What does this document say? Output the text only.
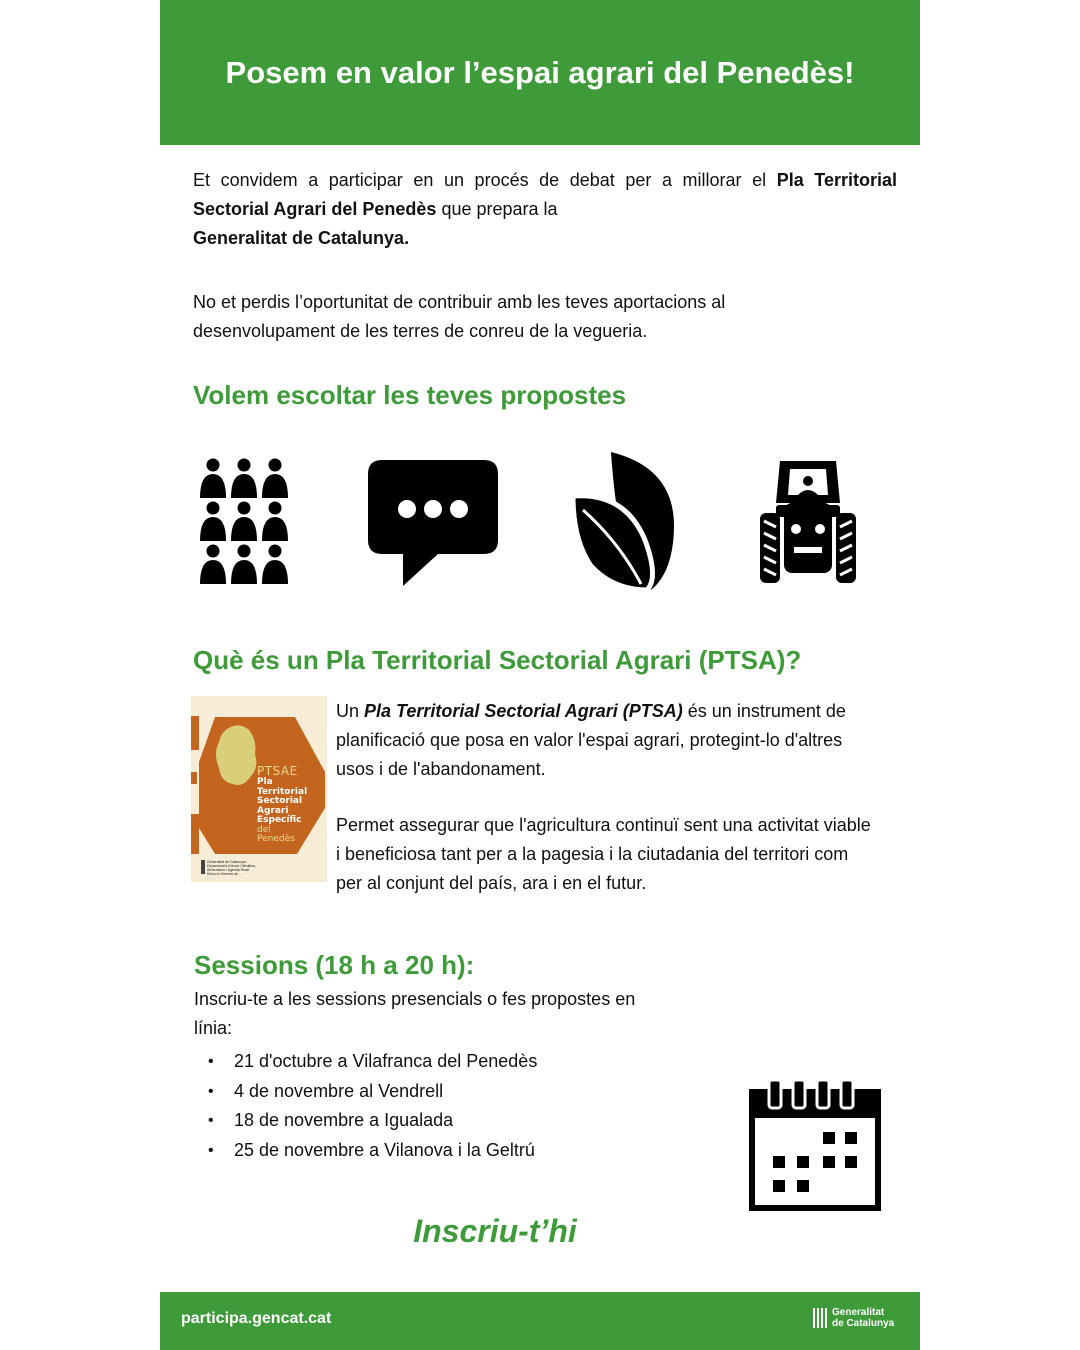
Posem en valor l’espai agrari del Penedès!
Et convidem a participar en un procés de debat per a millorar el Pla Territorial Sectorial Agrari del Penedès que prepara la
Generalitat de Catalunya.
No et perdis l’oportunitat de contribuir amb les teves aportacions al desenvolupament de les terres de conreu de la vegueria.
Volem escoltar les teves propostes
Què és un Pla Territorial Sectorial Agrari (PTSA)?
PTSAE
Pla
Territorial
Sectorial
Agrari
Específic
del
Penedès
Generalitat de Catalunya
Departament d'Acció Climàtica,
Alimentació i Agenda Rural
Direcció General de ...
...

Un Pla Territorial Sectorial Agrari (PTSA) és un instrument de planificació que posa en valor l'espai agrari, protegint-lo d'altres usos i de l'abandonament.

Permet assegurar que l'agricultura continuï sent una activitat viable i beneficiosa tant per a la pagesia i la ciutadania del territori com per al conjunt del país, ara i en el futur.

Sessions (18 h a 20 h):
Inscriu-te a les sessions presencials o fes propostes en línia:
• 21 d'octubre a Vilafranca del Penedès
• 4 de novembre al Vendrell
• 18 de novembre a Igualada
• 25 de novembre a Vilanova i la Geltrú
Inscriu-t’hi
participa.gencat.cat	Generalitat
de Catalunya
